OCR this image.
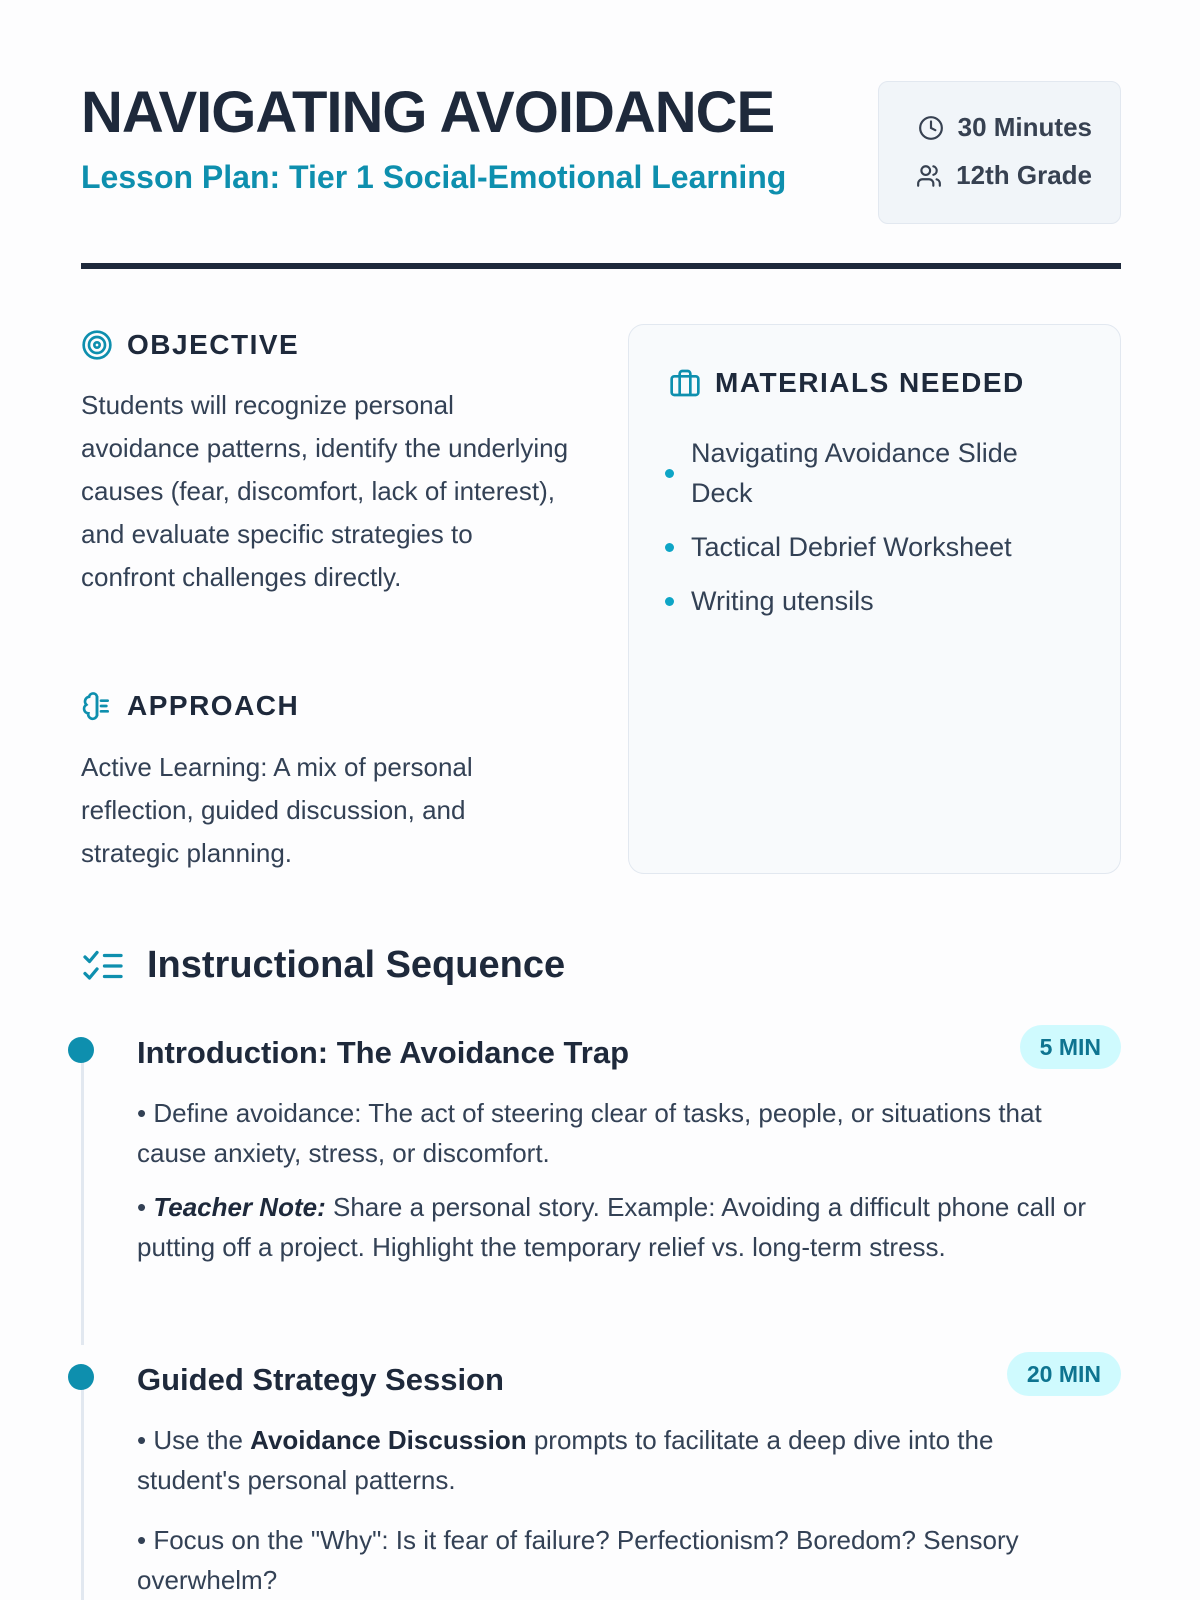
NAVIGATING AVOIDANCE
Lesson Plan: Tier 1 Social-Emotional Learning
30 Minutes
12th Grade
OBJECTIVE
Students will recognize personal avoidance patterns, identify the underlying causes (fear, discomfort, lack of interest), and evaluate specific strategies to confront challenges directly.
APPROACH
Active Learning: A mix of personal reflection, guided discussion, and strategic planning.
MATERIALS NEEDED
Navigating Avoidance Slide Deck
Tactical Debrief Worksheet
Writing utensils
Instructional Sequence
Introduction: The Avoidance Trap	5 MIN
• Define avoidance: The act of steering clear of tasks, people, or situations that cause anxiety, stress, or discomfort.
• Teacher Note: Share a personal story. Example: Avoiding a difficult phone call or putting off a project. Highlight the temporary relief vs. long-term stress.
Guided Strategy Session	20 MIN
• Use the Avoidance Discussion prompts to facilitate a deep dive into the student's personal patterns.
• Focus on the "Why": Is it fear of failure? Perfectionism? Boredom? Sensory overwhelm?
